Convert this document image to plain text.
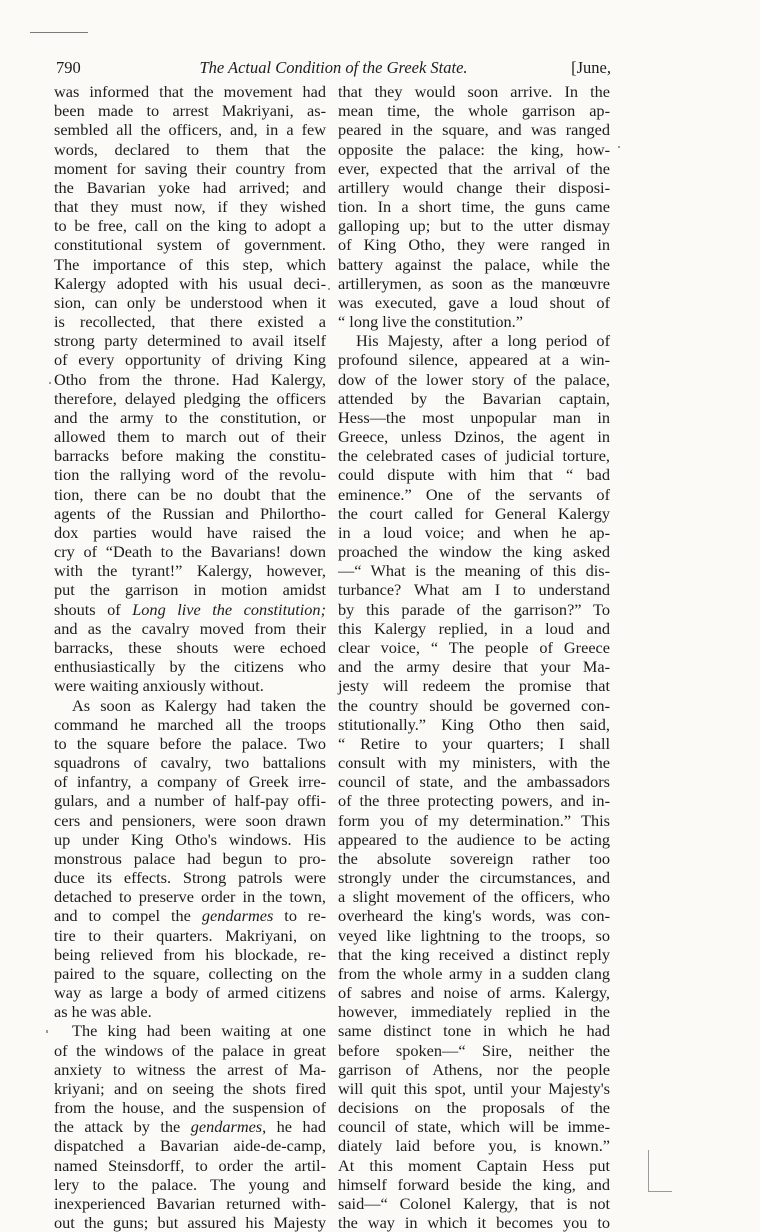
790	The Actual Condition of the Greek State.	[June,
was informed that the movement had
been made to arrest Makriyani, as-
sembled all the officers, and, in a few
words, declared to them that the
moment for saving their country from
the Bavarian yoke had arrived; and
that they must now, if they wished
to be free, call on the king to adopt a
constitutional system of government.
The importance of this step, which
Kalergy adopted with his usual deci-
sion, can only be understood when it
is recollected, that there existed a
strong party determined to avail itself
of every opportunity of driving King
Otho from the throne. Had Kalergy,
therefore, delayed pledging the officers
and the army to the constitution, or
allowed them to march out of their
barracks before making the constitu-
tion the rallying word of the revolu-
tion, there can be no doubt that the
agents of the Russian and Philortho-
dox parties would have raised the
cry of “Death to the Bavarians! down
with the tyrant!” Kalergy, however,
put the garrison in motion amidst
shouts of Long live the constitution;
and as the cavalry moved from their
barracks, these shouts were echoed
enthusiastically by the citizens who
were waiting anxiously without.
As soon as Kalergy had taken the
command he marched all the troops
to the square before the palace. Two
squadrons of cavalry, two battalions
of infantry, a company of Greek irre-
gulars, and a number of half-pay offi-
cers and pensioners, were soon drawn
up under King Otho's windows. His
monstrous palace had begun to pro-
duce its effects. Strong patrols were
detached to preserve order in the town,
and to compel the gendarmes to re-
tire to their quarters. Makriyani, on
being relieved from his blockade, re-
paired to the square, collecting on the
way as large a body of armed citizens
as he was able.
The king had been waiting at one
of the windows of the palace in great
anxiety to witness the arrest of Ma-
kriyani; and on seeing the shots fired
from the house, and the suspension of
the attack by the gendarmes, he had
dispatched a Bavarian aide-de-camp,
named Steinsdorff, to order the artil-
lery to the palace. The young and
inexperienced Bavarian returned with-
out the guns; but assured his Majesty
that they would soon arrive. In the
mean time, the whole garrison ap-
peared in the square, and was ranged
opposite the palace: the king, how-
ever, expected that the arrival of the
artillery would change their disposi-
tion. In a short time, the guns came
galloping up; but to the utter dismay
of King Otho, they were ranged in
battery against the palace, while the
artillerymen, as soon as the manœuvre
was executed, gave a loud shout of
“ long live the constitution.”
His Majesty, after a long period of
profound silence, appeared at a win-
dow of the lower story of the palace,
attended by the Bavarian captain,
Hess—the most unpopular man in
Greece, unless Dzinos, the agent in
the celebrated cases of judicial torture,
could dispute with him that “ bad
eminence.” One of the servants of
the court called for General Kalergy
in a loud voice; and when he ap-
proached the window the king asked
—“ What is the meaning of this dis-
turbance? What am I to understand
by this parade of the garrison?” To
this Kalergy replied, in a loud and
clear voice, “ The people of Greece
and the army desire that your Ma-
jesty will redeem the promise that
the country should be governed con-
stitutionally.” King Otho then said,
“ Retire to your quarters; I shall
consult with my ministers, with the
council of state, and the ambassadors
of the three protecting powers, and in-
form you of my determination.” This
appeared to the audience to be acting
the absolute sovereign rather too
strongly under the circumstances, and
a slight movement of the officers, who
overheard the king's words, was con-
veyed like lightning to the troops, so
that the king received a distinct reply
from the whole army in a sudden clang
of sabres and noise of arms. Kalergy,
however, immediately replied in the
same distinct tone in which he had
before spoken—“ Sire, neither the
garrison of Athens, nor the people
will quit this spot, until your Majesty's
decisions on the proposals of the
council of state, which will be imme-
diately laid before you, is known.”
At this moment Captain Hess put
himself forward beside the king, and
said—“ Colonel Kalergy, that is not
the way in which it becomes you to
